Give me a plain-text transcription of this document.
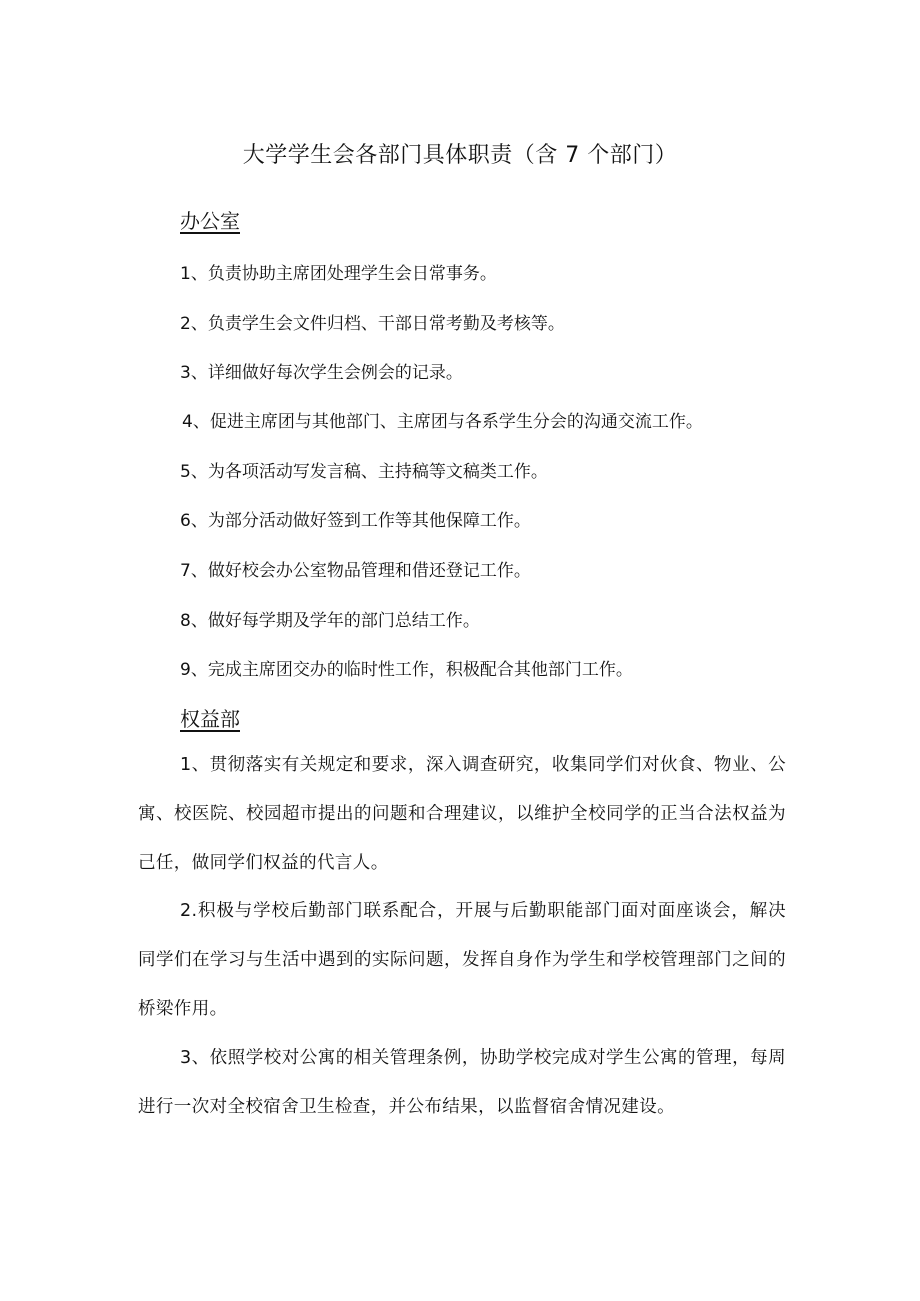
大学学生会各部门具体职责（含 7 个部门）
办公室
1、负责协助主席团处理学生会日常事务。
2、负责学生会文件归档、干部日常考勤及考核等。
3、详细做好每次学生会例会的记录。
4、促进主席团与其他部门、主席团与各系学生分会的沟通交流工作。
5、为各项活动写发言稿、主持稿等文稿类工作。
6、为部分活动做好签到工作等其他保障工作。
7、做好校会办公室物品管理和借还登记工作。
8、做好每学期及学年的部门总结工作。
9、完成主席团交办的临时性工作，积极配合其他部门工作。
权益部
1、贯彻落实有关规定和要求，深入调查研究，收集同学们对伙食、物业、公寓、校医院、校园超市提出的问题和合理建议，以维护全校同学的正当合法权益为己任，做同学们权益的代言人。
2.积极与学校后勤部门联系配合，开展与后勤职能部门面对面座谈会，解决同学们在学习与生活中遇到的实际问题，发挥自身作为学生和学校管理部门之间的桥梁作用。
3、依照学校对公寓的相关管理条例，协助学校完成对学生公寓的管理，每周进行一次对全校宿舍卫生检查，并公布结果，以监督宿舍情况建设。
